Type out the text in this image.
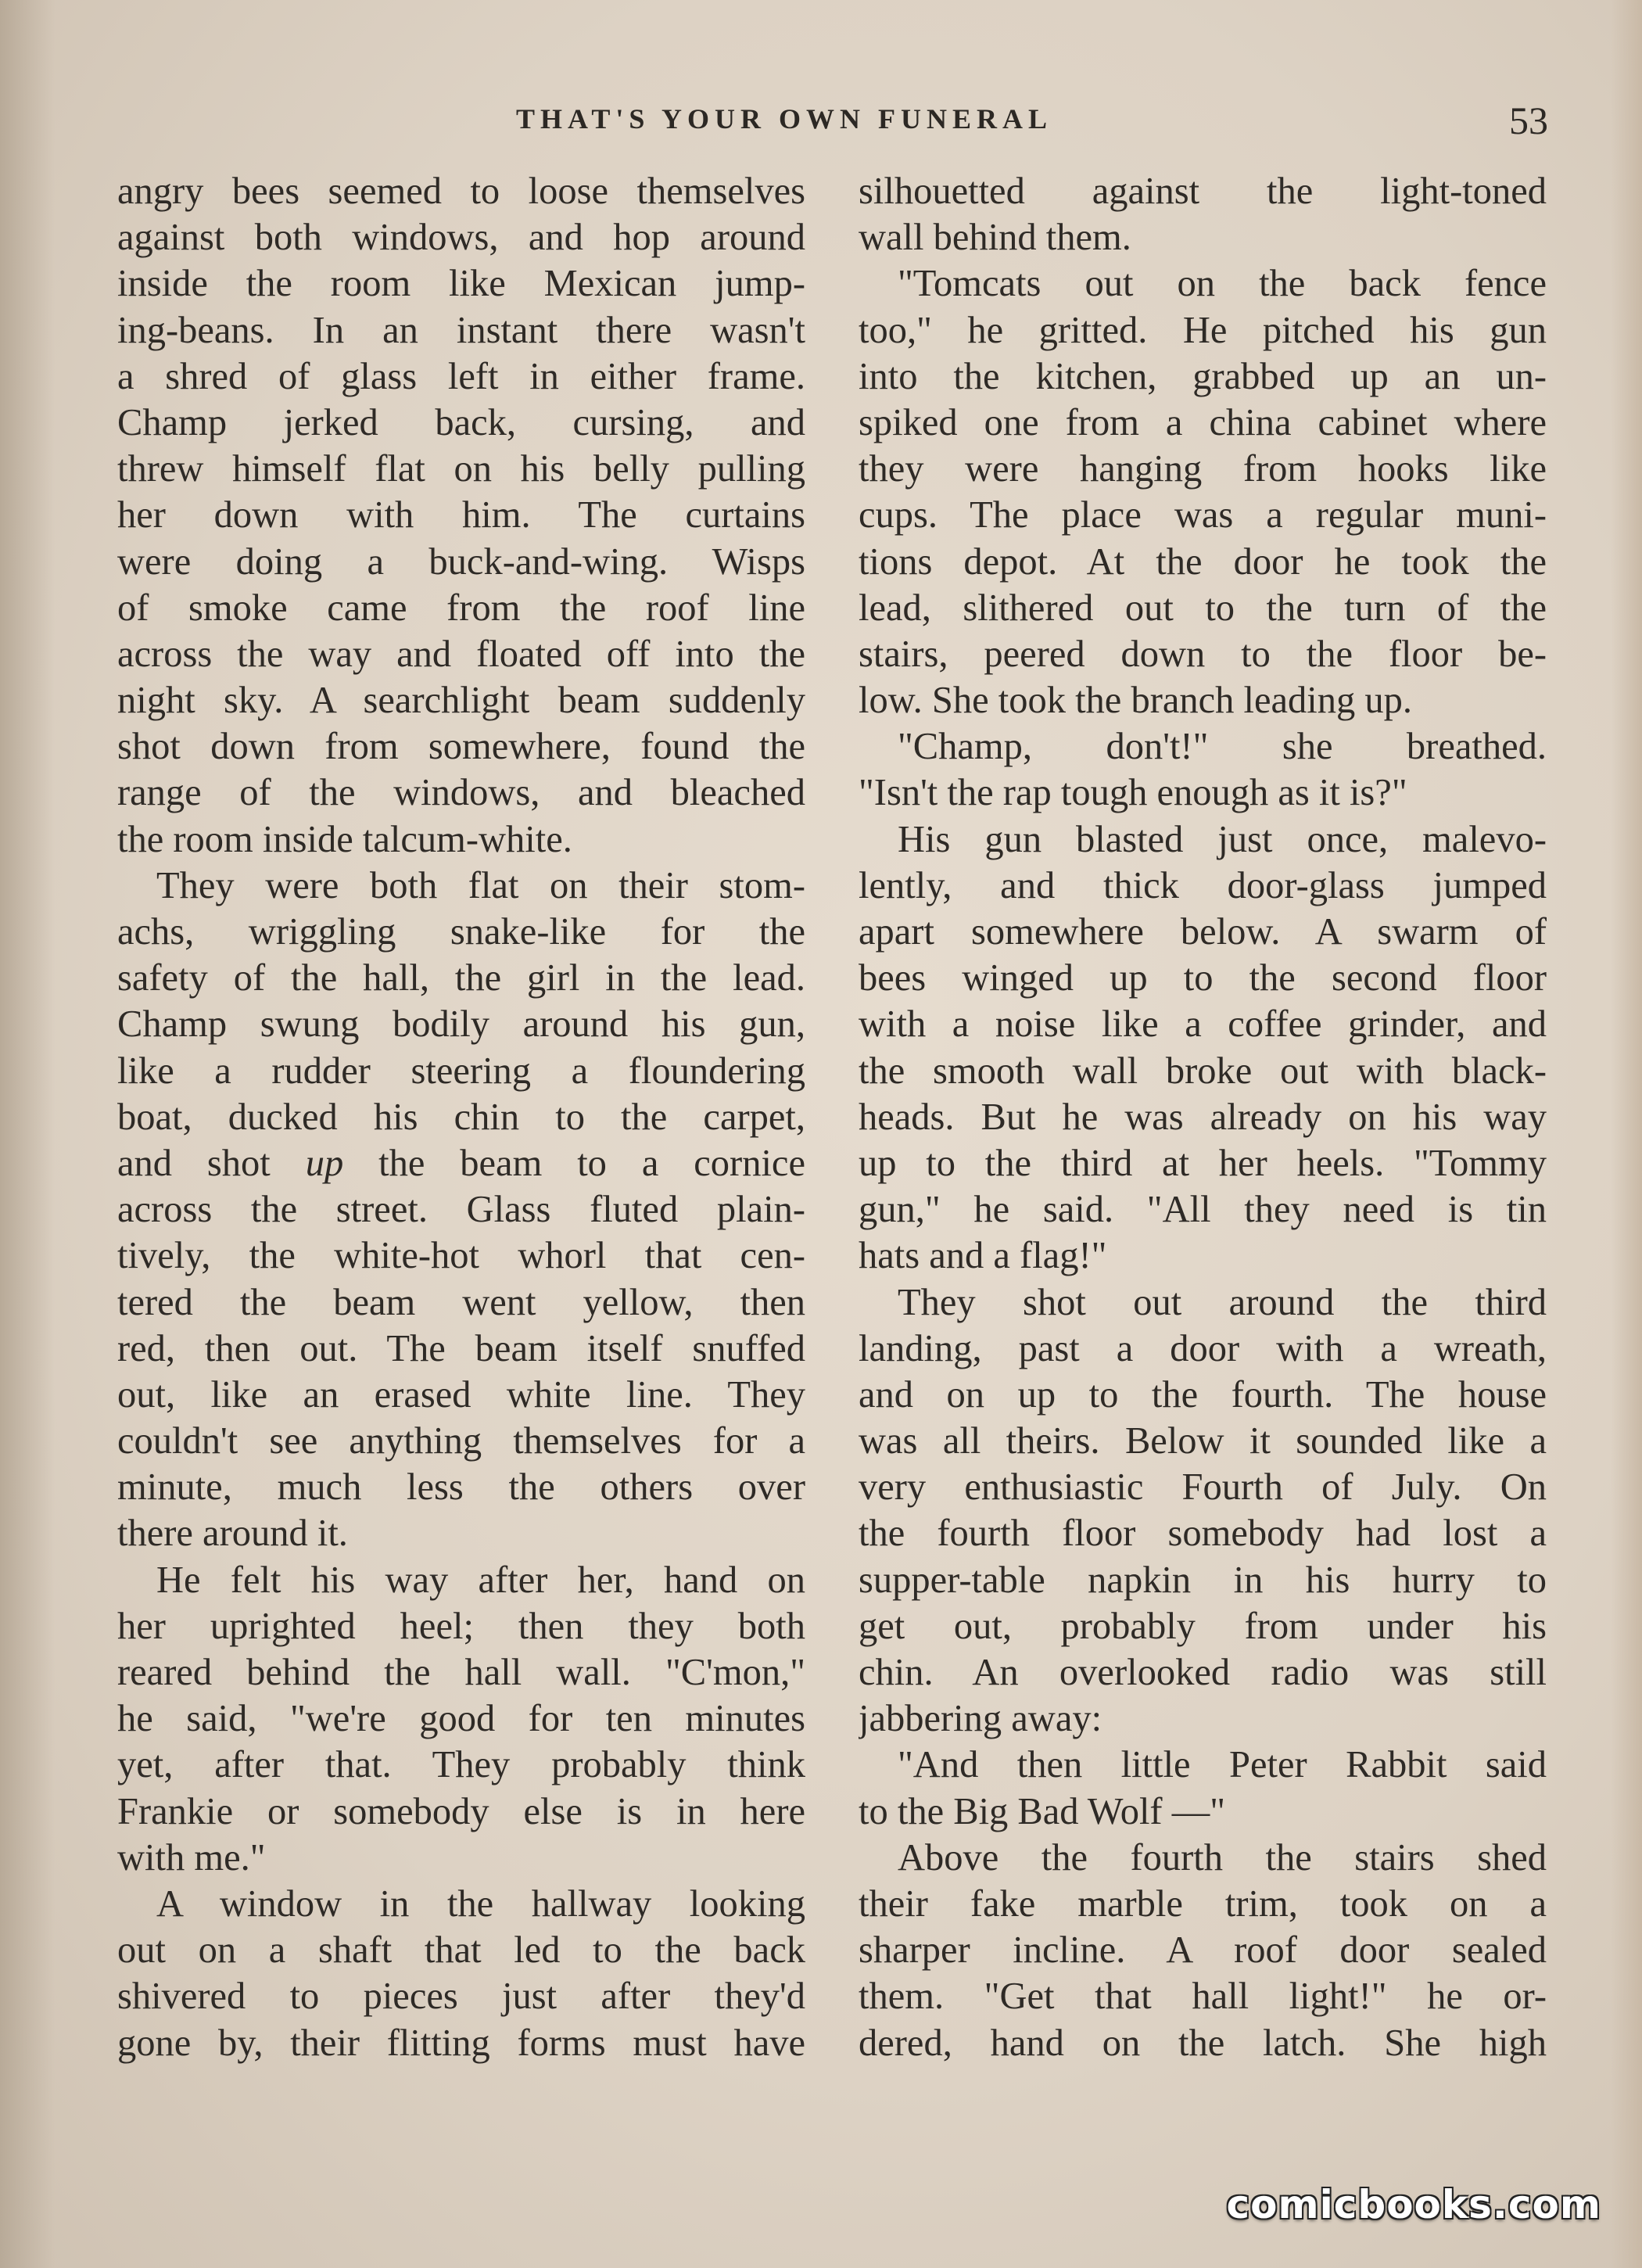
THAT'S YOUR OWN FUNERAL	53
angry bees seemed to loose themselves
against both windows, and hop around
inside the room like Mexican jump-
ing-beans. In an instant there wasn't
a shred of glass left in either frame.
Champ jerked back, cursing, and
threw himself flat on his belly pulling
her down with him. The curtains
were doing a buck-and-wing. Wisps
of smoke came from the roof line
across the way and floated off into the
night sky. A searchlight beam suddenly
shot down from somewhere, found the
range of the windows, and bleached
the room inside talcum-white.
They were both flat on their stom-
achs, wriggling snake-like for the
safety of the hall, the girl in the lead.
Champ swung bodily around his gun,
like a rudder steering a floundering
boat, ducked his chin to the carpet,
and shot up the beam to a cornice
across the street. Glass fluted plain-
tively, the white-hot whorl that cen-
tered the beam went yellow, then
red, then out. The beam itself snuffed
out, like an erased white line. They
couldn't see anything themselves for a
minute, much less the others over
there around it.
He felt his way after her, hand on
her uprighted heel; then they both
reared behind the hall wall. "C'mon,"
he said, "we're good for ten minutes
yet, after that. They probably think
Frankie or somebody else is in here
with me."
A window in the hallway looking
out on a shaft that led to the back
shivered to pieces just after they'd
gone by, their flitting forms must have
silhouetted against the light-toned
wall behind them.
"Tomcats out on the back fence
too," he gritted. He pitched his gun
into the kitchen, grabbed up an un-
spiked one from a china cabinet where
they were hanging from hooks like
cups. The place was a regular muni-
tions depot. At the door he took the
lead, slithered out to the turn of the
stairs, peered down to the floor be-
low. She took the branch leading up.
"Champ, don't!" she breathed.
"Isn't the rap tough enough as it is?"
His gun blasted just once, malevo-
lently, and thick door-glass jumped
apart somewhere below. A swarm of
bees winged up to the second floor
with a noise like a coffee grinder, and
the smooth wall broke out with black-
heads. But he was already on his way
up to the third at her heels. "Tommy
gun," he said. "All they need is tin
hats and a flag!"
They shot out around the third
landing, past a door with a wreath,
and on up to the fourth. The house
was all theirs. Below it sounded like a
very enthusiastic Fourth of July. On
the fourth floor somebody had lost a
supper-table napkin in his hurry to
get out, probably from under his
chin. An overlooked radio was still
jabbering away:
"And then little Peter Rabbit said
to the Big Bad Wolf —"
Above the fourth the stairs shed
their fake marble trim, took on a
sharper incline. A roof door sealed
them. "Get that hall light!" he or-
dered, hand on the latch. She high
comicbooks.com
